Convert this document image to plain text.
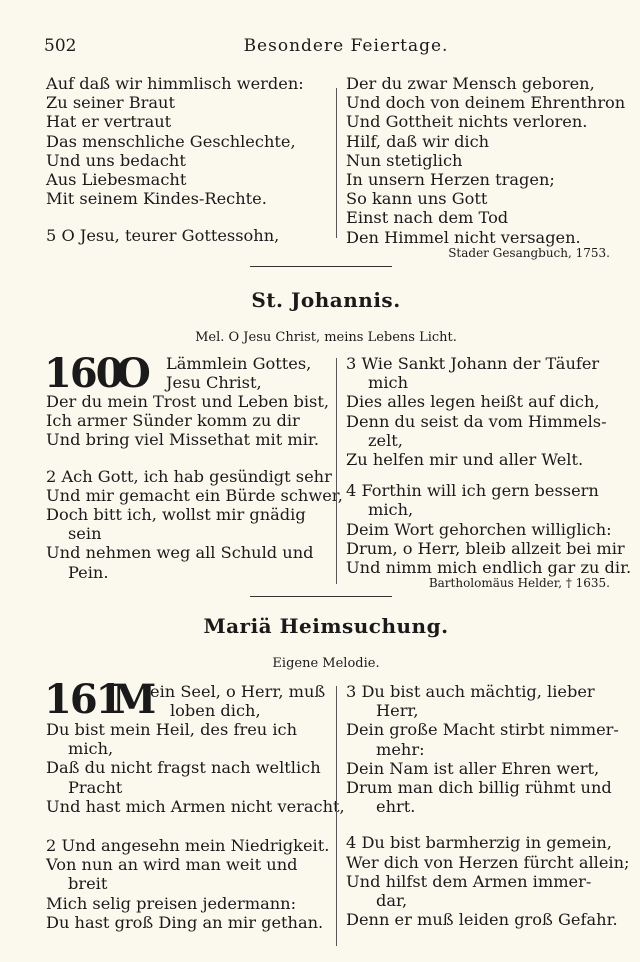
502	Besondere Feiertage.
Auf daß wir himmlisch werden:
Zu seiner Braut
Hat er vertraut
Das menschliche Geschlechte,
Und uns bedacht
Aus Liebesmacht
Mit seinem Kindes-Rechte.
5 O Jesu, teurer Gottessohn,
Der du zwar Mensch geboren,
Und doch von deinem Ehrenthron
Und Gottheit nichts verloren.
Hilf, daß wir dich
Nun stetiglich
In unsern Herzen tragen;
So kann uns Gott
Einst nach dem Tod
Den Himmel nicht versagen.
Stader Gesangbuch, 1753.
St. Johannis.
Mel. O Jesu Christ, meins Lebens Licht.
160
O Lämmlein Gottes,
Jesu Christ,
Der du mein Trost und Leben bist,
Ich armer Sünder komm zu dir
Und bring viel Missethat mit mir.
2 Ach Gott, ich hab gesündigt sehr
Und mir gemacht ein Bürde schwer,
Doch bitt ich, wollst mir gnädig
sein
Und nehmen weg all Schuld und
Pein.
3 Wie Sankt Johann der Täufer
mich
Dies alles legen heißt auf dich,
Denn du seist da vom Himmels-
zelt,
Zu helfen mir und aller Welt.
4 Forthin will ich gern bessern
mich,
Deim Wort gehorchen williglich:
Drum, o Herr, bleib allzeit bei mir
Und nimm mich endlich gar zu dir.
Bartholomäus Helder, † 1635.
Mariä Heimsuchung.
Eigene Melodie.
161
M
ein Seel, o Herr, muß
loben dich,
Du bist mein Heil, des freu ich
mich,
Daß du nicht fragst nach weltlich
Pracht
Und hast mich Armen nicht veracht,
2 Und angesehn mein Niedrigkeit.
Von nun an wird man weit und
breit
Mich selig preisen jedermann:
Du hast groß Ding an mir gethan.
3 Du bist auch mächtig, lieber
Herr,
Dein große Macht stirbt nimmer-
mehr:
Dein Nam ist aller Ehren wert,
Drum man dich billig rühmt und
ehrt.
4 Du bist barmherzig in gemein,
Wer dich von Herzen fürcht allein;
Und hilfst dem Armen immer-
dar,
Denn er muß leiden groß Gefahr.
